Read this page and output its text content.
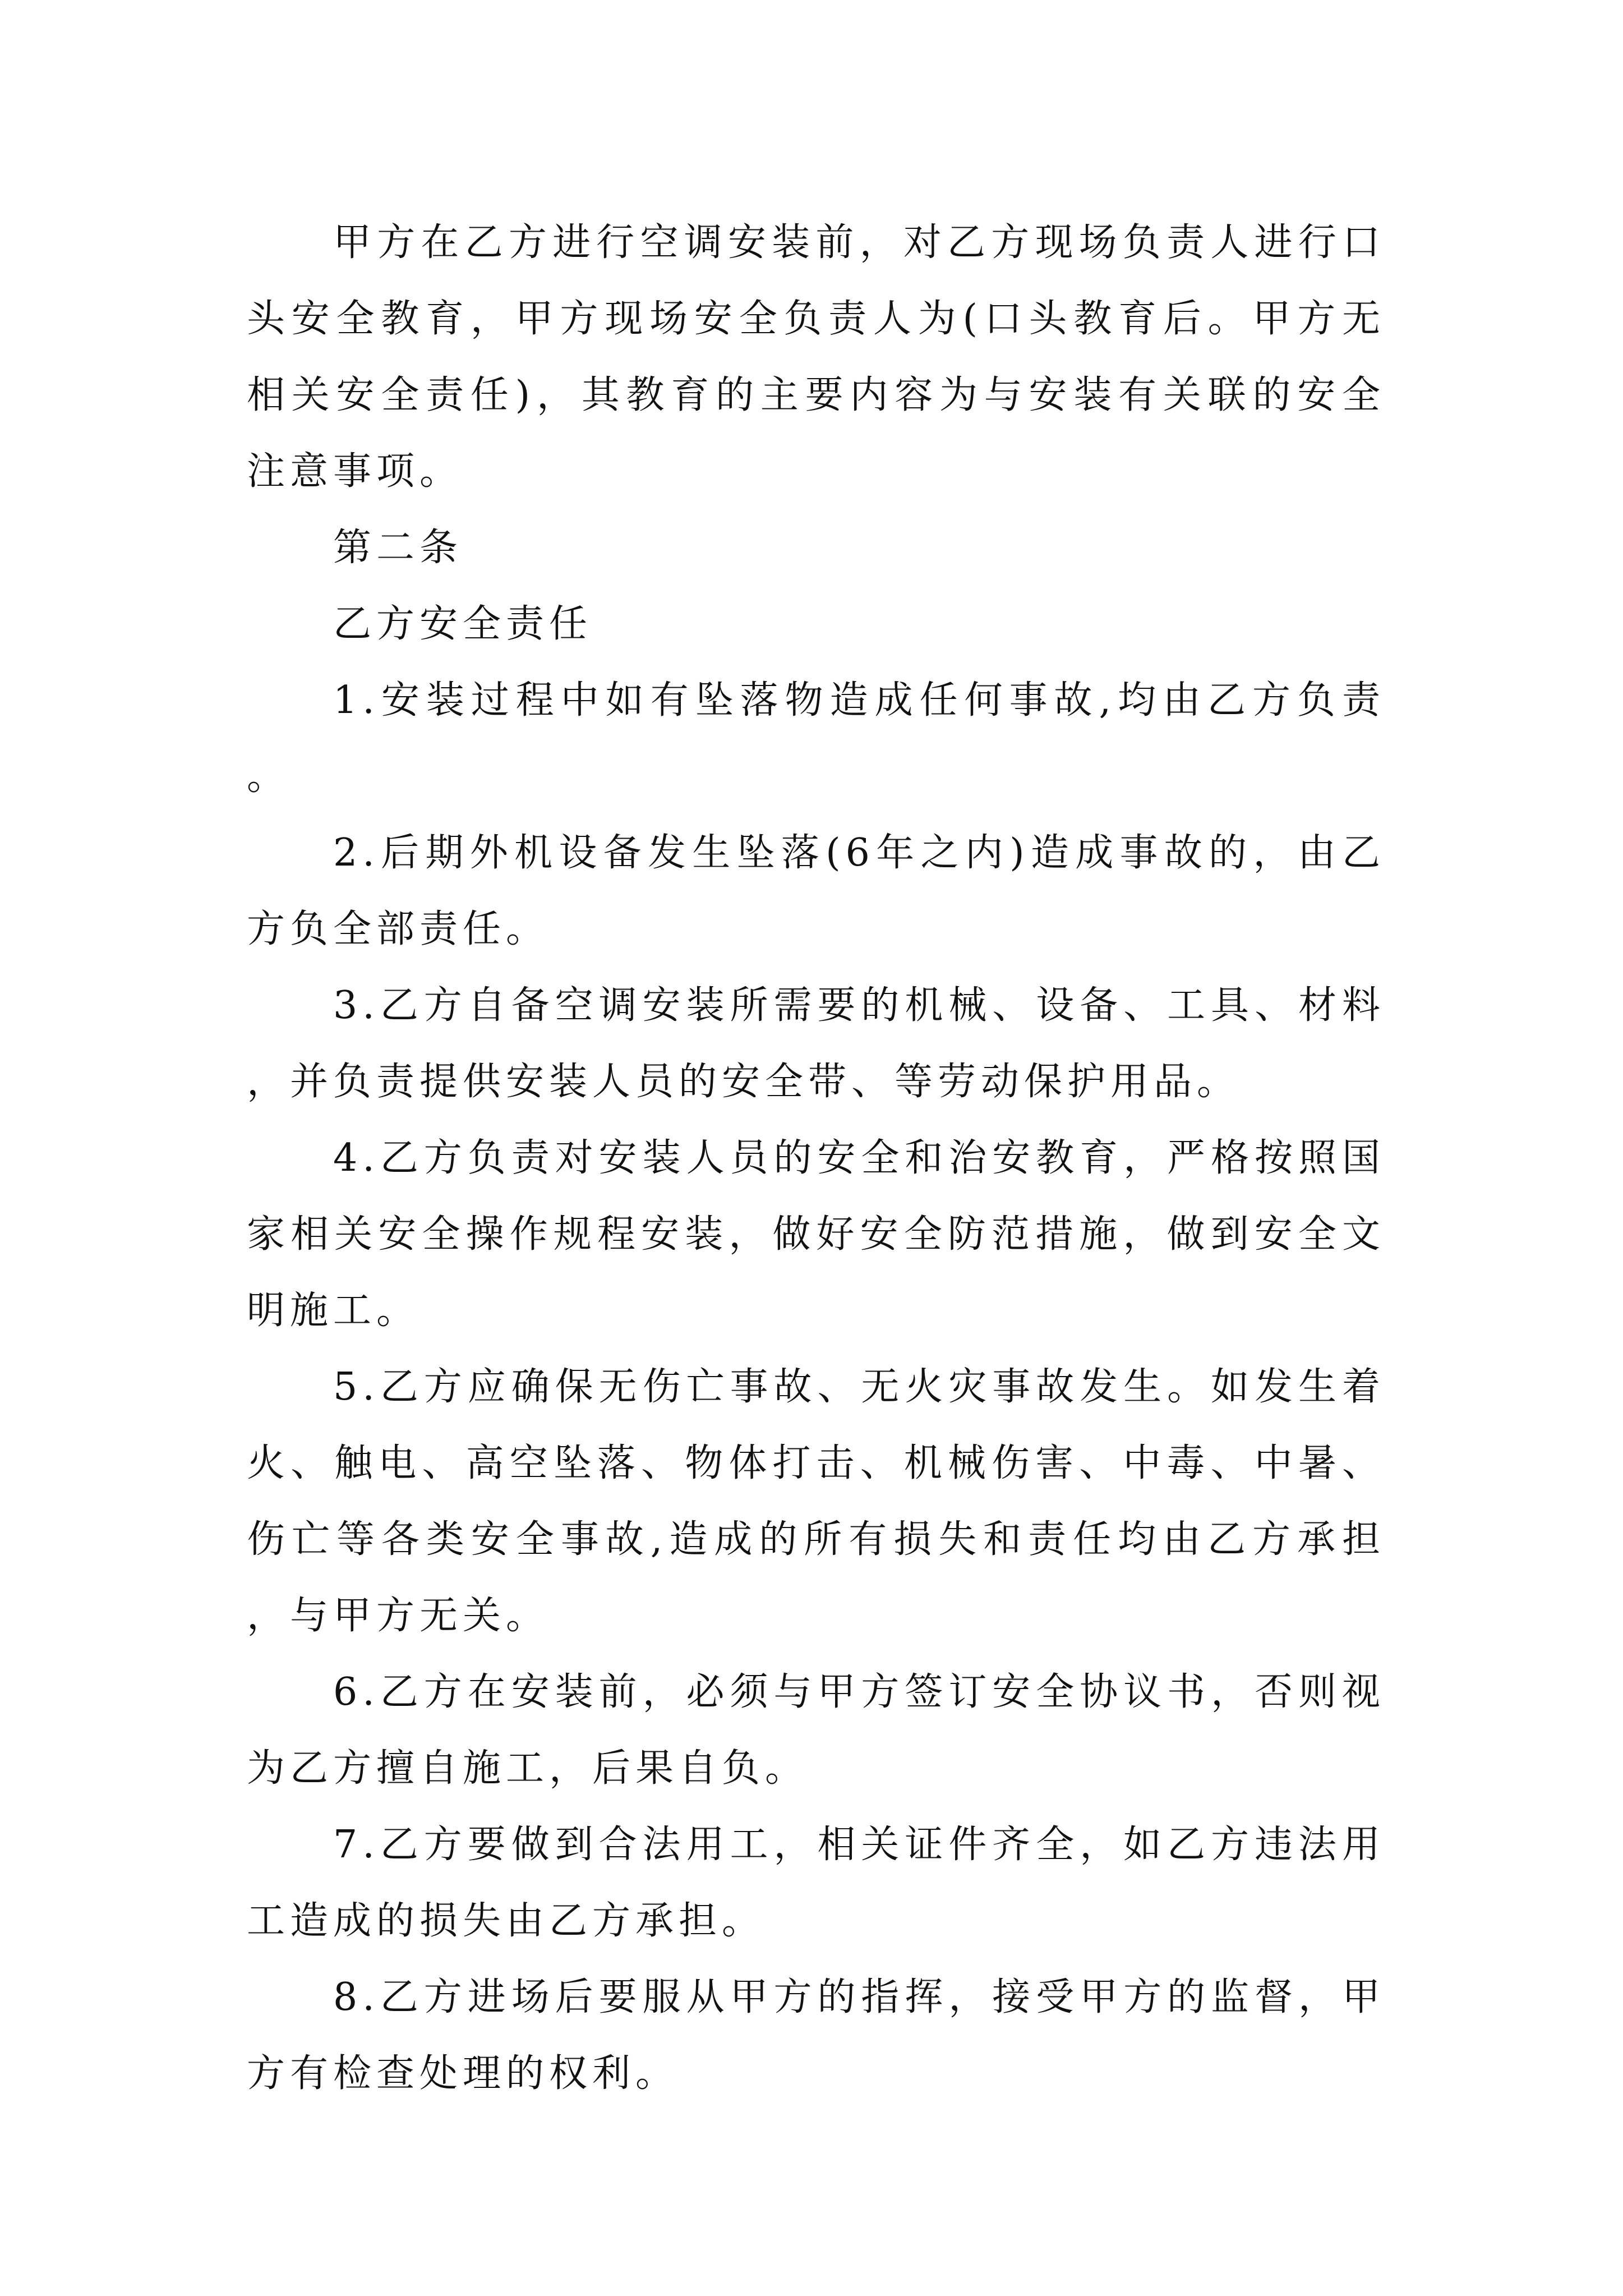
甲方在乙方进行空调安装前，对乙方现场负责人进行口头安全教育，甲方现场安全负责人为(口头教育后。甲方无相关安全责任)，其教育的主要内容为与安装有关联的安全注意事项。

第二条

乙方安全责任

1.安装过程中如有坠落物造成任何事故,均由乙方负责。

2.后期外机设备发生坠落(6年之内)造成事故的，由乙方负全部责任。

3.乙方自备空调安装所需要的机械、设备、工具、材料，并负责提供安装人员的安全带、等劳动保护用品。

4.乙方负责对安装人员的安全和治安教育，严格按照国家相关安全操作规程安装，做好安全防范措施，做到安全文明施工。

5.乙方应确保无伤亡事故、无火灾事故发生。如发生着火、触电、高空坠落、物体打击、机械伤害、中毒、中暑、伤亡等各类安全事故,造成的所有损失和责任均由乙方承担，与甲方无关。

6.乙方在安装前，必须与甲方签订安全协议书，否则视为乙方擅自施工，后果自负。

7.乙方要做到合法用工，相关证件齐全，如乙方违法用工造成的损失由乙方承担。

8.乙方进场后要服从甲方的指挥，接受甲方的监督，甲方有检查处理的权利。
